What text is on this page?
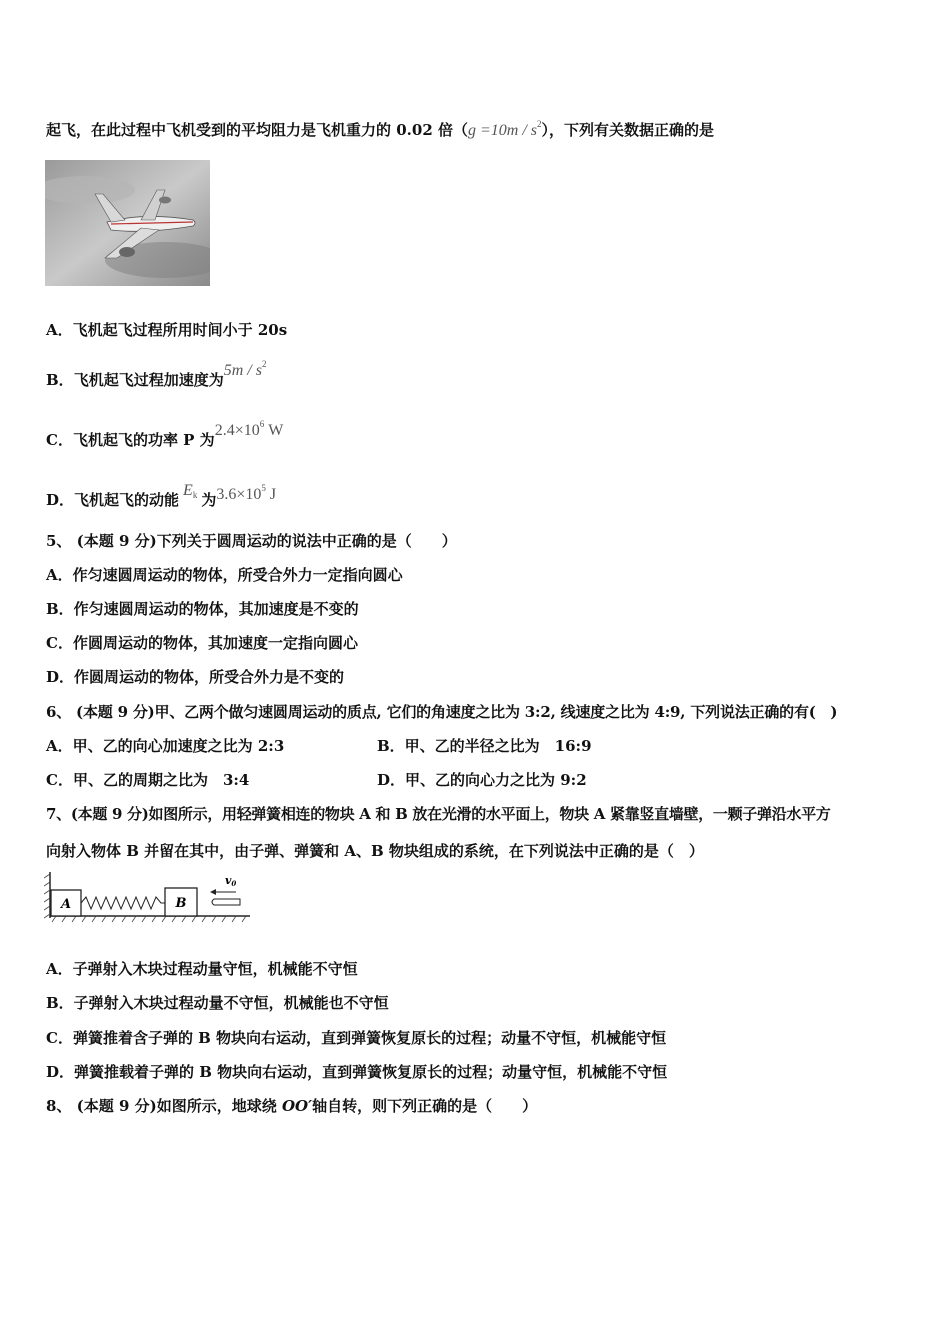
起飞，在此过程中飞机受到的平均阻力是飞机重力的 0.02 倍$(g =10m / s^2)$，下列有关数据正确的是
A．飞机起飞过程所用时间小于 20s
B．飞机起飞过程加速度为$5m / s^2$
C．飞机起飞的功率 P 为$2.4\times 10^6$ W
D．飞机起飞的动能$E_k$ 为$3.6\times 10^5$ J
5、 (本题 9 分)下列关于圆周运动的说法中正确的是（　　）
A．作匀速圆周运动的物体，所受合外力一定指向圆心
B．作匀速圆周运动的物体，其加速度是不变的
C．作圆周运动的物体，其加速度一定指向圆心
D．作圆周运动的物体，所受合外力是不变的
6、 (本题 9 分)甲、乙两个做匀速圆周运动的质点, 它们的角速度之比为 3:2, 线速度之比为 4:9, 下列说法正确的有(　)
A．甲、乙的向心加速度之比为 2:3	B．甲、乙的半径之比为　16:9
C．甲、乙的周期之比为　3:4	D．甲、乙的向心力之比为 9:2
7、(本题 9 分)如图所示，用轻弹簧相连的物块 A 和 B 放在光滑的水平面上，物块 A 紧靠竖直墙壁，一颗子弹沿水平方
向射入物体 B 并留在其中，由子弹、弹簧和 A、B 物块组成的系统，在下列说法中正确的是（　）
A	B
v0
A．子弹射入木块过程动量守恒，机械能不守恒
B．子弹射入木块过程动量不守恒，机械能也不守恒
C．弹簧推着含子弹的 B 物块向右运动，直到弹簧恢复原长的过程；动量不守恒，机械能守恒
D．弹簧推载着子弹的 B 物块向右运动，直到弹簧恢复原长的过程；动量守恒，机械能不守恒
8、 (本题 9 分)如图所示，地球绕 OO′轴自转，则下列正确的是（　　）
